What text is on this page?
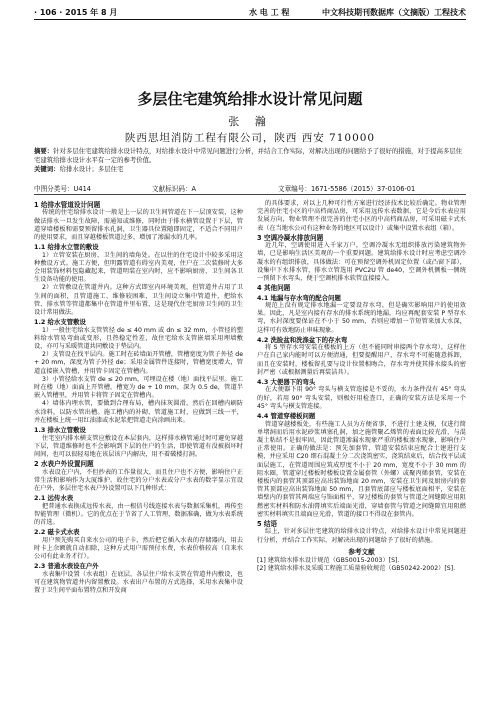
· 106 · 2015 年 8 月	水 电 工 程	中文科技期刊数据库（文摘版）工程技术
多层住宅建筑给排水设计常见问题
张 瀚
陕西思坦消防工程有限公司，陕西 西安 710000
摘要：针对多层住宅建筑给排水设计特点，对给排水设计中常见问题进行分析，并结合工作实际，对解决出现的问题给予了很好的措施，对于提高多层住宅建筑给排水设计水平有一定的参考价值。
关键词：给排水设计；多层住宅
中图分类号：U414	文献标识码：A	文章编号：1671-5586（2015）37-0106-01
1 给排水管道设计问题

传统的住宅给排水设计一般是上一层的卫生间管道在下一层顶安装，这种做法排水一旦发生故障，需通知或维修，同时由于排水横管设置于下层，管道穿墙楼板和需要预留排水孔洞，卫生器具位置随即固定，不适合不同用户的使用要求，而且穿越楼板管道过多，增加了渗漏水的几率。

1.1 给排水立管的敷设

1）立管安装在厨房、卫生间的墙角处。在以往的住宅设计中较多采用这种敷设方式。施工方便，但明露管道有碍室内美观，住户在二次装修时大多会用装饰材料包隐藏起来，管道明装在室内时，应不影响厨房、卫生间各卫生设备功能的使用。

2）立管敷设在管道井内。这种方式即室内环境美观，但管道井占用了卫生间的面积，且管道施工、维修较困难，卫生间设立集中管道井，把给水管、排水管等管道都集中在管道井里布置，这是现代住宅厨房卫生间的卫生设计常用做法。

1.2 给水支管敷设

1）一般住宅给水支管管径 de ≤ 40 mm 或 dn ≤ 32 mm，小管径的塑料给水管易弯曲或变形，且热稳定性差，故住宅给水支管嵌墙采用埋墙敷设，亦可与采暖管道共同敷设于垫层内。

2）支管设在找平层内。施工时在砖墙面开管槽，管槽宽度为管子外径 de + 20 mm，深度为管子外径 de；采用金属管件连接时，管槽宽度增大，管道直接嵌入管槽，并用管卡固定在管槽内。

3）小管径给水支管 de ≤ 20 mm，可埋设在楼（地）面找平层里。施工时在楼（地）面面上开管槽，槽宽为 de + 10 mm，深为 0.5 de，管道半嵌入管槽里，并用管卡将管子固定在管槽内。

4）墙体内埋水管，要做到合理布局，槽内抹灰圆滑，然后在回槽内刷防水涂料，以防水管出槽。施工槽内的补砌、管道施工时，应做到三线一平，并在楼板上统一用红油漆或水泥浆把管道走向涂画出来。

1.3 排水立管敷设

住宅室内排水横支管应敷设在本层套内，这样排水横管通过时可避免穿越下层，管道维修时也不会影响到下层的住户的生活，即使管道有没被损坏时间间，也可以很轻易地在该层该户内解决，用不着破楼打洞。

2 水表户外设置问题

水表设在户内，不但抄表的工作量很大，而且住户也不方便，影响住户正常生活和影响作为大厦维护。故住宅的分户水表或分户水表的数字显示宜设在户外，多层住宅水表户外设置可以下几种形式：

2.1 远传水表

把普通水表换成远传水表，由一根信号线连接水表与数据采集机，再传至智能管理（微机）。它的优点在于节省了人工管理，数据准确，做为水表系统的首选。

2.2 磁卡式水表

用户预先购买自来水公司的电子卡，然后把它插入水表的存储器内，用去时卡上余额就自动扣除，这种方式用户需预付水费，水表价格较高（自来水公司有此业务才行）。

2.3 普通水表设在户外

水表集中设置（水表组）在底层，各层住户给水支管在管道井内敷设，也可在建筑物管道井内留置敷设。水表出户布置的方式选择，采用水表集中设置于卫生间平面布置特点和开发商

的具体要求，对以上几种可行性方案进行经济技术比较后确定。物业管理完善的住宅小区的中高档商品房，可采用远传水表数据，它是今后水表应用发展方向，物业管理不很完善的住宅小区的中高档商品房，可采用磁卡式水表（在当地水公司有这种业务的地区可以设计）或集中设置水表组（箱）。

3 空调冷凝水排放问题

近几年，空调使用进入千家万户，空调冷凝水无组织排放污染建筑物外墙，已是影响生活区美观的一个重要问题。建筑给排水设计时应考虑空调冷凝水的有组织排放，具体做法：可在预留空调外机固定位置（或凸窗下部），设集中下水排水管，排水立管选用 PVC2U 管 de40，空调外机侧板一侧统一预留下水弯头，便于空调机排水软管直接接入。

4 其他问题
4.1 地漏与存水弯的配合问题

规范上没有规定排水地漏一定要设存水弯，但是确实影响用户的使用效果。因此，凡是室内接有存水的排水系统的地漏，均应再配套安装 P 型存水弯，水封深度要保证在不小于 50 mm，否则应增加一节短管来加大水深，这样可有效地防止串味现象。

4.2 洗脸盆和洗涤盆下的存水弯

将 S 型存水弯安装在楼板的上方（但不能同时串接两个存水弯），这样住户在自己家内能时可以方便清通，但要提醒用户，存水弯不可能随意拆卸，而且在安装时，楼板留孔要与设计位置相吻合，存水弯并使其排水接头的密封严密（或根据测量后再装洁具）。

4.3 大便器下的弯头

在大便器下用 90° 弯头与横支管连接是不妥的，水力条件没有 45° 弯头的好，若用 90° 弯头安装，则极好用检查口，正确的安装方法是采用一个 45° 弯头与横支管连接。

4.4 管道穿楼板问题

管道穿越楼板处，有些施工人员为方便省事，不进行土建支模，仅进行简单堵洞而后用水泥砂浆填塞孔洞，加之施管聚乙烯管的表面比较光滑，与混凝土粘结不是很牢固，因此管道渗漏水现象严重的楼板渗水现象，影响住户正常使用。正确的做法是：预先加套管，管道安装结束应配合土建进行支模，并应采用 C20 细石混凝土分二次浇筑密实，浇筑结束后，结合找平层或面层施工，在管道周围应筑成厚度不小于 20 mm，宽度不小于 30 mm 的阻水圈，管道穿过楼板时楼板设置金属套管（外螺）或聚丙烯套管，安装在楼板内的套管其顶部应高出装饰地面 20 mm，安装在卫生间及厨房内的套管其顶部应高出装饰地面 50 mm，且套管底部应与楼板底面相平，安装在墙壁内的套管其两端应与饰面相平，穿过楼板的套管与管道之间缝隙应用阻燃密实材料和防水油膏填实后端面光滑，穿墙套管与管道之间缝隙宜用阻燃密实材料填实且端面应光滑，管道的接口不得设在套管内。

5 结语

综上，针对多层住宅建筑的给排水设计特点，对给排水设计中常见问题进行分析，并结合工作实际，对解决出现的问题给予了很好的措施。

参考文献

[1] 建筑给水排水设计规范（GB50015-2003）[S].

[2] 建筑给水排水及采暖工程施工质量验收规范（GB50242-2002）[S].
